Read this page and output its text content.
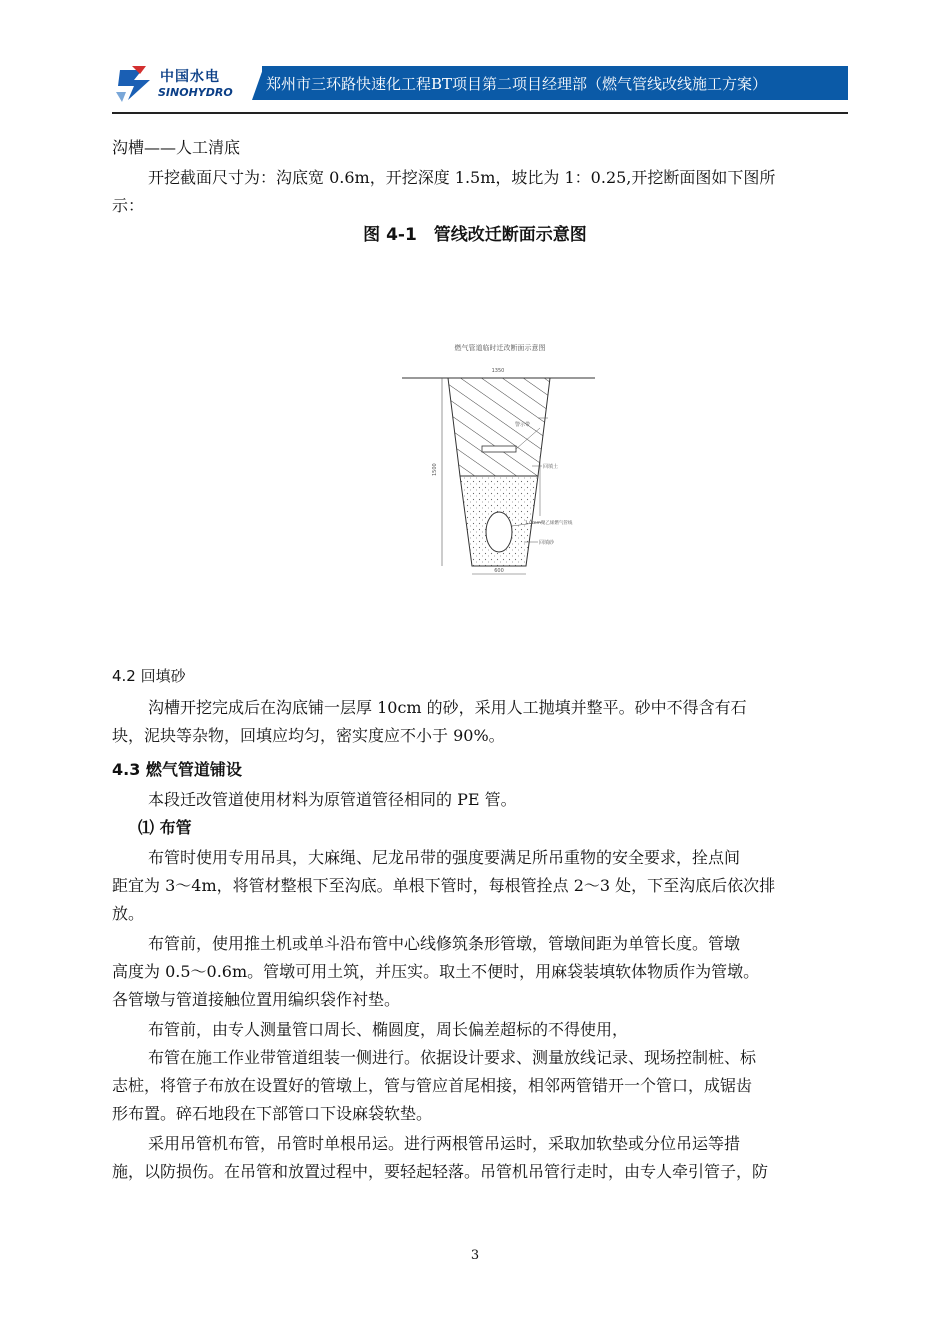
中国水电
SINOHYDRO 郑州市三环路快速化工程BT项目第二项目经理部（燃气管线改线施工方案）
沟槽——人工清底
开挖截面尺寸为：沟底宽 0.6m，开挖深度 1.5m，坡比为 1：0.25,开挖断面图如下图所
示：
图 4-1　管线改迁断面示意图
燃气管道临时迁改断面示意图
1350
1500
600
警示带
回填土
1.0mm聚乙烯燃气管线
回填砂
4.2 回填砂
沟槽开挖完成后在沟底铺一层厚 10cm 的砂，采用人工抛填并整平。砂中不得含有石
块，泥块等杂物，回填应均匀，密实度应不小于 90%。
4.3 燃气管道铺设
本段迁改管道使用材料为原管道管径相同的 PE 管。
⑴ 布管
布管时使用专用吊具，大麻绳、尼龙吊带的强度要满足所吊重物的安全要求，拴点间
距宜为 3～4m，将管材整根下至沟底。单根下管时，每根管拴点 2～3 处，下至沟底后依次排
放。
布管前，使用推土机或单斗沿布管中心线修筑条形管墩，管墩间距为单管长度。管墩
高度为 0.5～0.6m。管墩可用土筑，并压实。取土不便时，用麻袋装填软体物质作为管墩。
各管墩与管道接触位置用编织袋作衬垫。
布管前，由专人测量管口周长、椭圆度，周长偏差超标的不得使用，
布管在施工作业带管道组装一侧进行。依据设计要求、测量放线记录、现场控制桩、标
志桩，将管子布放在设置好的管墩上，管与管应首尾相接，相邻两管错开一个管口，成锯齿
形布置。碎石地段在下部管口下设麻袋软垫。
采用吊管机布管，吊管时单根吊运。进行两根管吊运时，采取加软垫或分位吊运等措
施，以防损伤。在吊管和放置过程中，要轻起轻落。吊管机吊管行走时，由专人牵引管子，防
3
